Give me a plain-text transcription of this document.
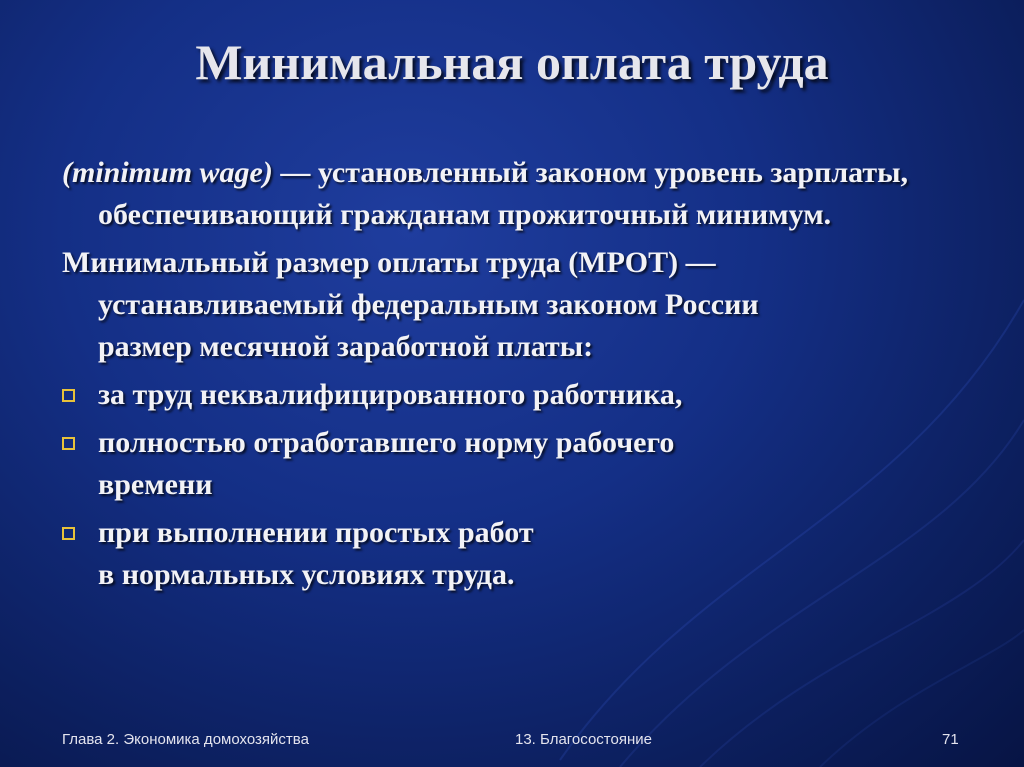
Минимальная оплата труда
(minimum wage) — установленный законом уровень зарплаты, обеспечивающий гражданам прожиточный минимум.
Минимальный размер оплаты труда (МРОТ) —
устанавливаемый федеральным законом России
размер месячной заработной платы:
за труд неквалифицированного работника,
полностью отработавшего норму рабочего
времени
при выполнении простых работ
в нормальных условиях труда.
Глава 2. Экономика домохозяйства	13. Благосостояние	71
